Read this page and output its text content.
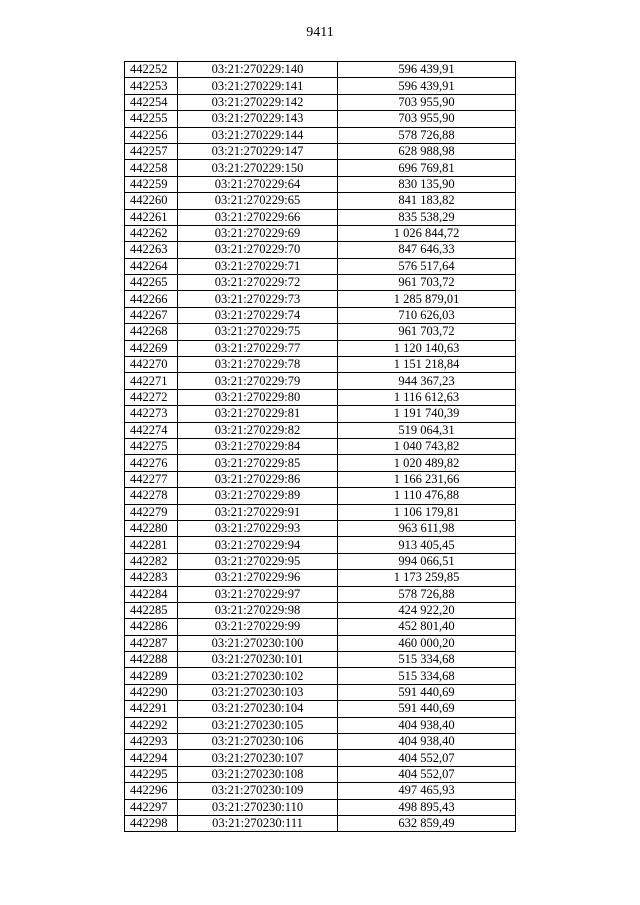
9411
442252	03:21:270229:140	596 439,91
442253	03:21:270229:141	596 439,91
442254	03:21:270229:142	703 955,90
442255	03:21:270229:143	703 955,90
442256	03:21:270229:144	578 726,88
442257	03:21:270229:147	628 988,98
442258	03:21:270229:150	696 769,81
442259	03:21:270229:64	830 135,90
442260	03:21:270229:65	841 183,82
442261	03:21:270229:66	835 538,29
442262	03:21:270229:69	1 026 844,72
442263	03:21:270229:70	847 646,33
442264	03:21:270229:71	576 517,64
442265	03:21:270229:72	961 703,72
442266	03:21:270229:73	1 285 879,01
442267	03:21:270229:74	710 626,03
442268	03:21:270229:75	961 703,72
442269	03:21:270229:77	1 120 140,63
442270	03:21:270229:78	1 151 218,84
442271	03:21:270229:79	944 367,23
442272	03:21:270229:80	1 116 612,63
442273	03:21:270229:81	1 191 740,39
442274	03:21:270229:82	519 064,31
442275	03:21:270229:84	1 040 743,82
442276	03:21:270229:85	1 020 489,82
442277	03:21:270229:86	1 166 231,66
442278	03:21:270229:89	1 110 476,88
442279	03:21:270229:91	1 106 179,81
442280	03:21:270229:93	963 611,98
442281	03:21:270229:94	913 405,45
442282	03:21:270229:95	994 066,51
442283	03:21:270229:96	1 173 259,85
442284	03:21:270229:97	578 726,88
442285	03:21:270229:98	424 922,20
442286	03:21:270229:99	452 801,40
442287	03:21:270230:100	460 000,20
442288	03:21:270230:101	515 334,68
442289	03:21:270230:102	515 334,68
442290	03:21:270230:103	591 440,69
442291	03:21:270230:104	591 440,69
442292	03:21:270230:105	404 938,40
442293	03:21:270230:106	404 938,40
442294	03:21:270230:107	404 552,07
442295	03:21:270230:108	404 552,07
442296	03:21:270230:109	497 465,93
442297	03:21:270230:110	498 895,43
442298	03:21:270230:111	632 859,49
